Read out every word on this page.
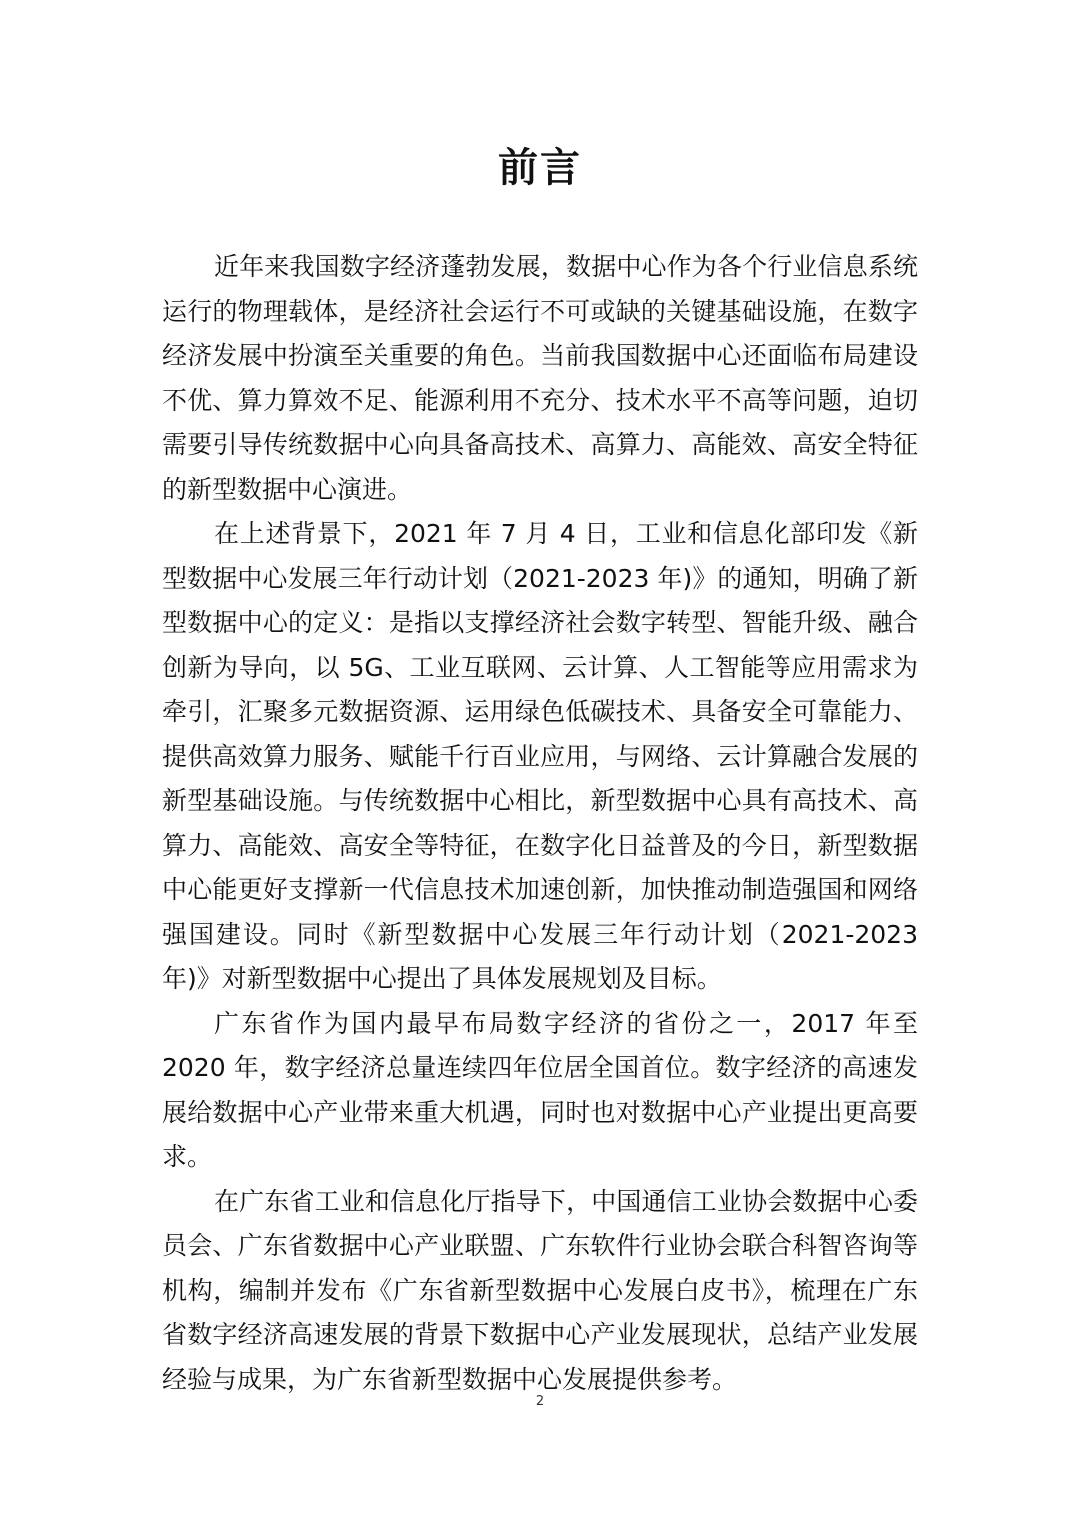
前言

近年来我国数字经济蓬勃发展，数据中心作为各个行业信息系统运行的物理载体，是经济社会运行不可或缺的关键基础设施，在数字经济发展中扮演至关重要的角色。当前我国数据中心还面临布局建设不优、算力算效不足、能源利用不充分、技术水平不高等问题，迫切需要引导传统数据中心向具备高技术、高算力、高能效、高安全特征的新型数据中心演进。

在上述背景下，2021 年 7 月 4 日，工业和信息化部印发《新型数据中心发展三年行动计划（2021-2023 年)》的通知，明确了新型数据中心的定义：是指以支撑经济社会数字转型、智能升级、融合创新为导向，以 5G、工业互联网、云计算、人工智能等应用需求为牵引，汇聚多元数据资源、运用绿色低碳技术、具备安全可靠能力、提供高效算力服务、赋能千行百业应用，与网络、云计算融合发展的新型基础设施。与传统数据中心相比，新型数据中心具有高技术、高算力、高能效、高安全等特征，在数字化日益普及的今日，新型数据中心能更好支撑新一代信息技术加速创新，加快推动制造强国和网络强国建设。同时《新型数据中心发展三年行动计划（2021-2023 年)》对新型数据中心提出了具体发展规划及目标。

广东省作为国内最早布局数字经济的省份之一，2017 年至 2020 年，数字经济总量连续四年位居全国首位。数字经济的高速发展给数据中心产业带来重大机遇，同时也对数据中心产业提出更高要求。

在广东省工业和信息化厅指导下，中国通信工业协会数据中心委员会、广东省数据中心产业联盟、广东软件行业协会联合科智咨询等机构，编制并发布《广东省新型数据中心发展白皮书》，梳理在广东省数字经济高速发展的背景下数据中心产业发展现状，总结产业发展经验与成果，为广东省新型数据中心发展提供参考。

2
